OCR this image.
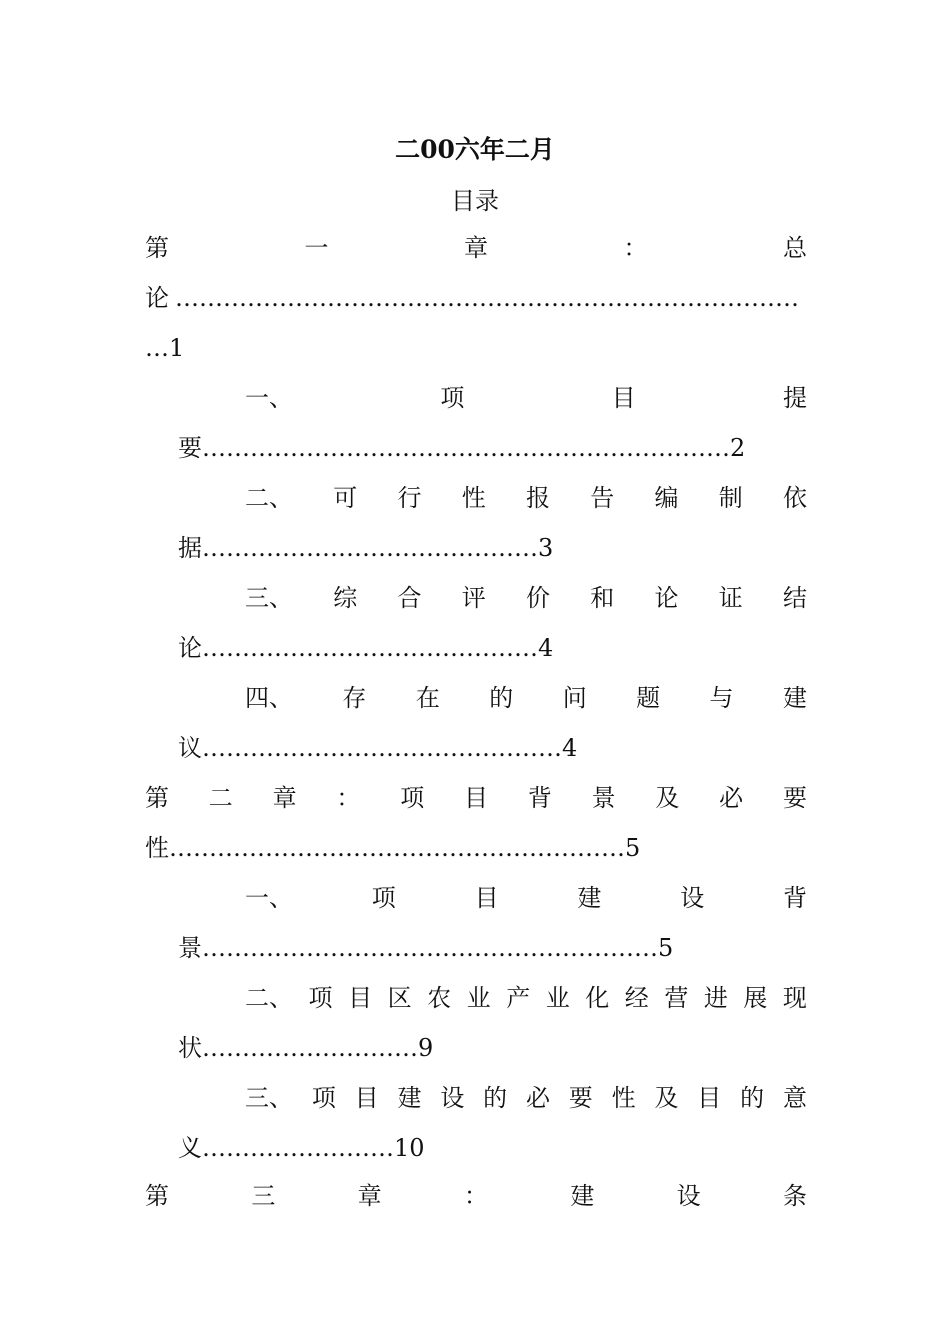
二00六年二月
目录
第	一	章	：	总
论 ……………………………………………………………………
…1
一、	项	目	提
要…………………………………………………………2
二、 可 行 性 报 告 编 制 依
据……………………………………3
三、 综 合 评 价 和 论 证 结
论……………………………………4
四、 存 在 的 问 题 与 建
议………………………………………4
第 二 章 ： 项 目 背 景 及 必 要
性…………………………………………………5
一、	项	目	建	设	背
景…………………………………………………5
二、 项 目 区 农 业 产 业 化 经 营 进 展 现
状………………………9
三、 项 目 建 设 的 必 要 性 及 目 的 意
义……………………10
第	三	章	：	建	设	条
